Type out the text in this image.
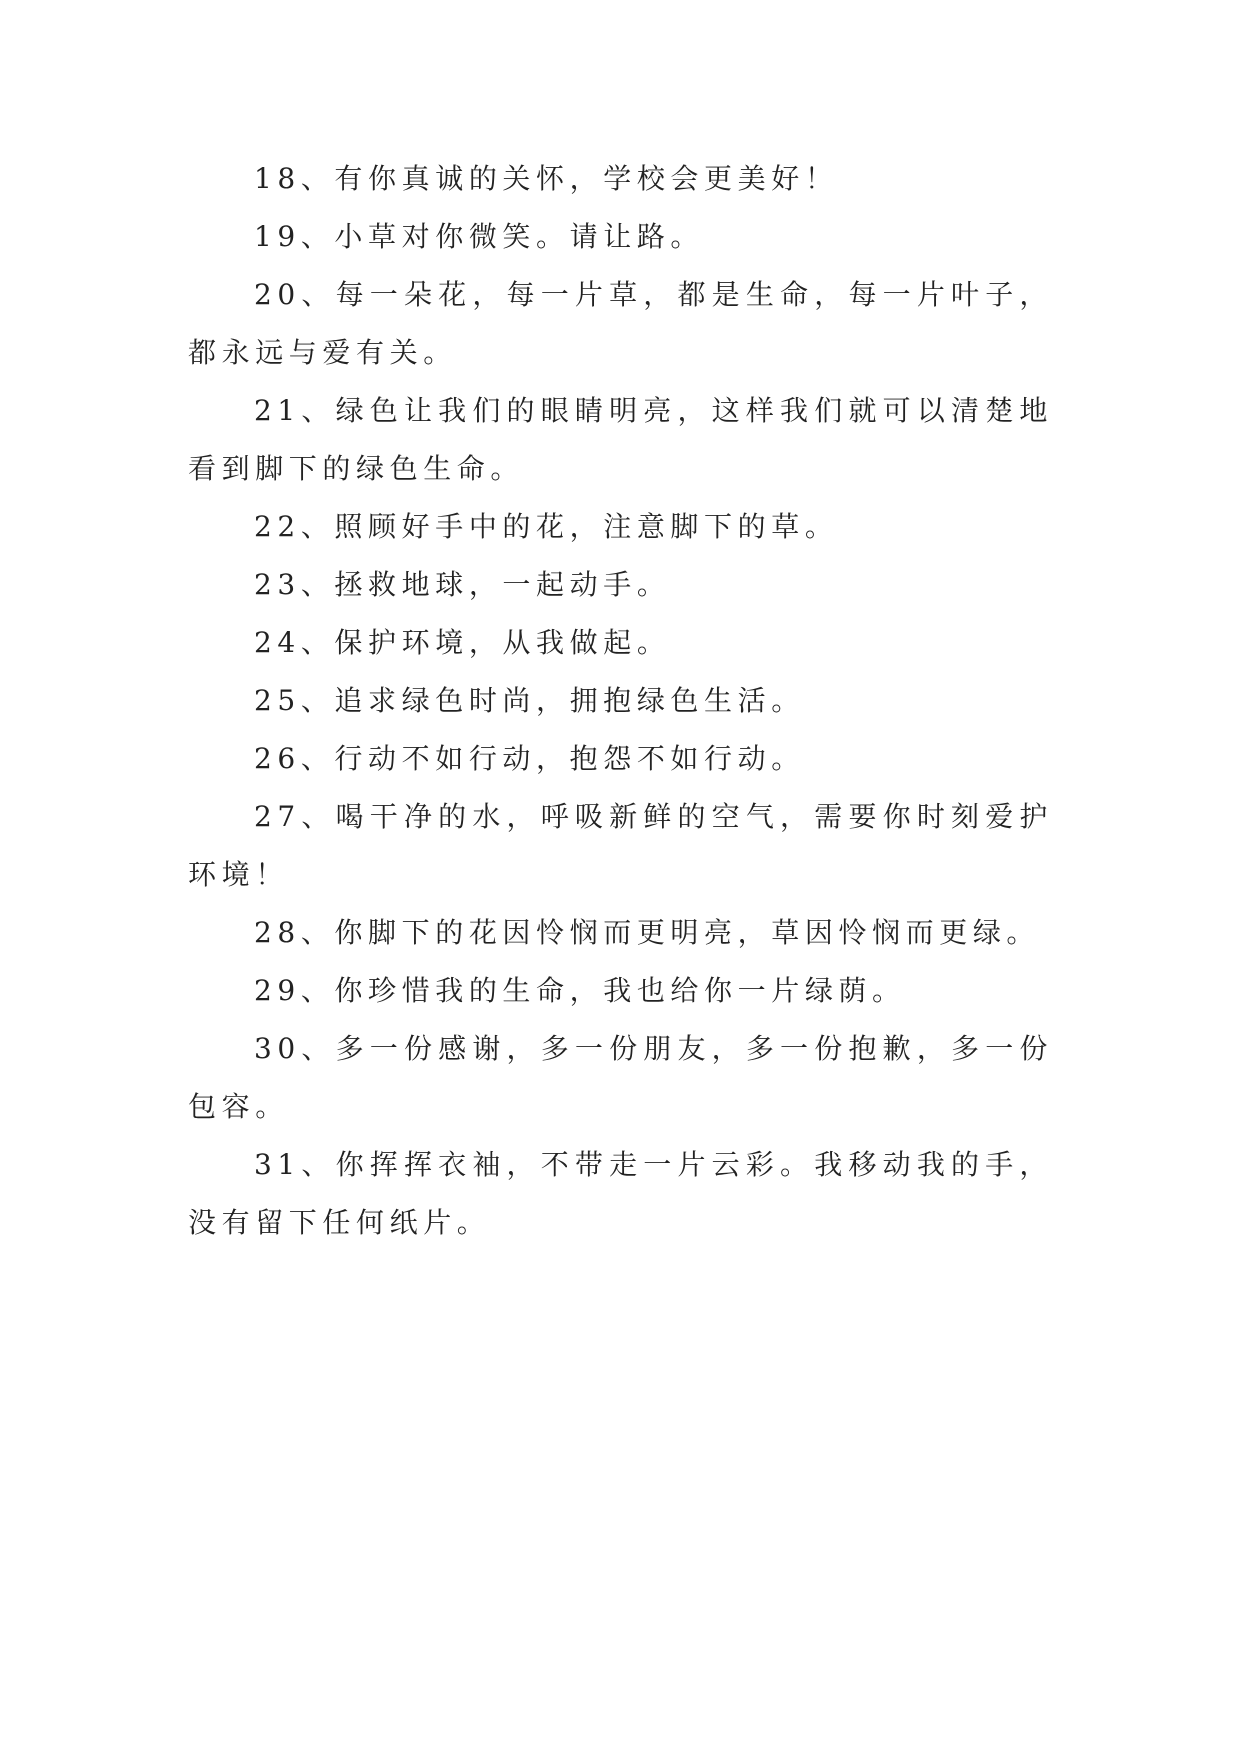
18、有你真诚的关怀，学校会更美好！

19、小草对你微笑。请让路。

20、每一朵花，每一片草，都是生命，每一片叶子，都永远与爱有关。

21、绿色让我们的眼睛明亮，这样我们就可以清楚地看到脚下的绿色生命。

22、照顾好手中的花，注意脚下的草。

23、拯救地球，一起动手。

24、保护环境，从我做起。

25、追求绿色时尚，拥抱绿色生活。

26、行动不如行动，抱怨不如行动。

27、喝干净的水，呼吸新鲜的空气，需要你时刻爱护环境！

28、你脚下的花因怜悯而更明亮，草因怜悯而更绿。

29、你珍惜我的生命，我也给你一片绿荫。

30、多一份感谢，多一份朋友，多一份抱歉，多一份包容。

31、你挥挥衣袖，不带走一片云彩。我移动我的手，没有留下任何纸片。
